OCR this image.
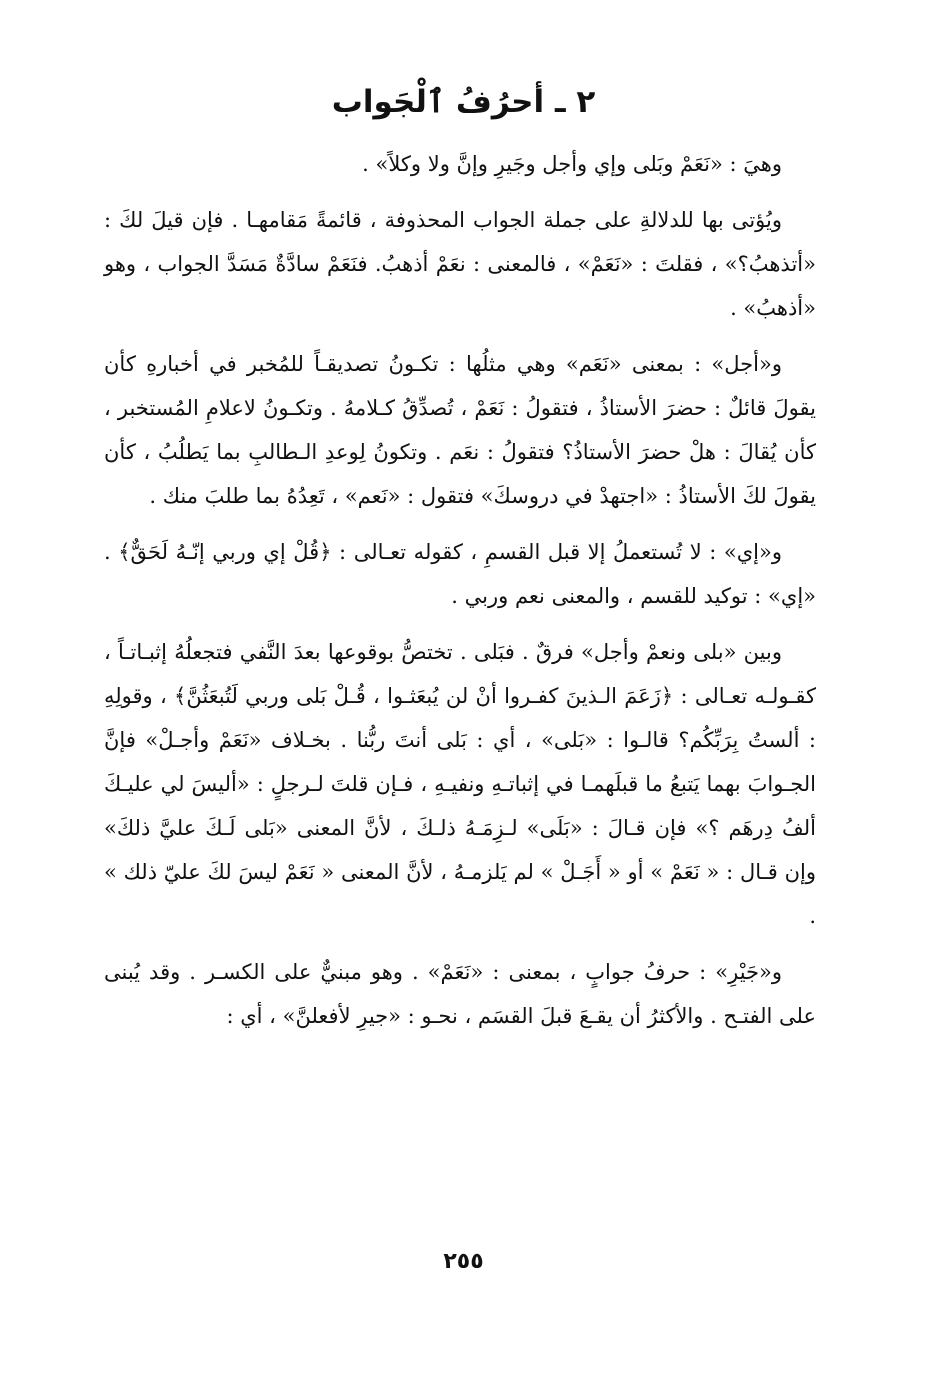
٢ ـ أحرُفُ ٱلْجَواب

وهيَ : «نَعَمْ وبَلى وإي وأجل وجَيرِ وإنَّ ولا وكلاً» .

ويُؤتى بها للدلالةِ على جملة الجواب المحذوفة ، قائمةً مَقامهـا . فإن قيلَ لكَ : «أتذهبُ؟» ، فقلتَ : «نَعَمْ» ، فالمعنى : نعَمْ أذهبُ. فنَعَمْ سادَّةٌ مَسَدَّ الجواب ، وهو «أذهبُ» .

و«أجل» : بمعنى «نَعَم» وهي مثلُها : تكـونُ تصديقـاً للمُخبر في أخبارهِ كأن يقولَ قائلٌ : حضرَ الأستاذُ ، فتقولُ : نَعَمْ ، تُصدِّقُ كـلامهُ . وتكـونُ لاعلامِ المُستخبر ، كأن يُقالَ : هلْ حضرَ الأستاذُ؟ فتقولُ : نعَم . وتكونُ لِوعدِ الـطالبِ بما يَطلُبُ ، كأن يقولَ لكَ الأستاذُ : «اجتهدْ في دروسكَ» فتقول : «نَعم» ، تَعِدُهُ بما طلبَ منك .

و«إي» : لا تُستعملُ إلا قبل القسمِ ، كقوله تعـالى : ﴿قُلْ إي وربي إنّـهُ لَحَقٌّ﴾ . «إي» : توكيد للقسم ، والمعنى نعم وربي .

وبين «بلى ونعمْ وأجل» فرقٌ . فبَلى . تختصُّ بوقوعها بعدَ النَّفي فتجعلُهُ إثبـاتـاً ، كقـولـه تعـالى : ﴿زَعَمَ الـذينَ كفـروا أنْ لن يُبعَثـوا ، قُـلْ بَلى وربي لَتُبعَثُنَّ﴾ ، وقولِهِ : ألستُ بِرَبِّكُم؟ قالـوا : «بَلى» ، أي : بَلى أنتَ ربُّنا . بخـلاف «نَعَمْ وأجـلْ» فإنَّ الجـوابَ بهما يَتبعُ ما قبلَهمـا في إثباتـهِ ونفيـهِ ، فـإن قلتَ لـرجلٍ : «أليسَ لي عليـكَ ألفُ دِرهَم ؟» فإن قـالَ : «بَلَى» لـزِمَـهُ ذلـكَ ، لأنَّ المعنى «بَلى لَـكَ عليَّ ذلكَ» وإن قـال : « نَعَمْ » أو « أَجَـلْ » لم يَلزمـهُ ، لأنَّ المعنى « نَعَمْ ليسَ لكَ عليّ ذلك » .

و«جَيْرِ» : حرفُ جوابٍ ، بمعنى : «نَعَمْ» . وهو مبنيٌّ على الكسـر . وقد يُبنى على الفتـح . والأكثرُ أن يقـعَ قبلَ القسَم ، نحـو : «جيرِ لأفعلنَّ» ، أي :

٢٥٥
